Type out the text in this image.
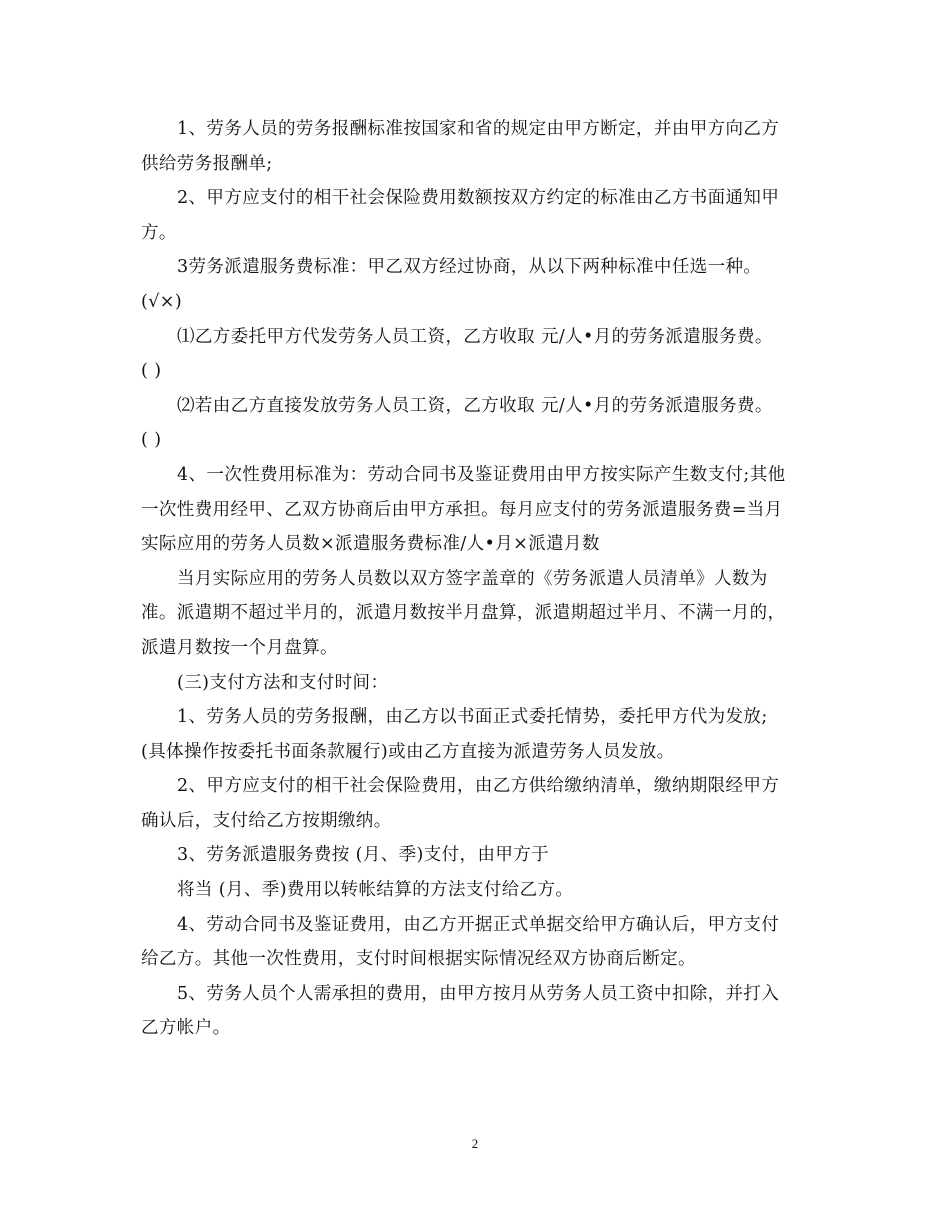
1、劳务人员的劳务报酬标准按国家和省的规定由甲方断定，并由甲方向乙方
供给劳务报酬单;

2、甲方应支付的相干社会保险费用数额按双方约定的标准由乙方书面通知甲
方。

3劳务派遣服务费标准：甲乙双方经过协商，从以下两种标准中任选一种。
(√×)

⑴乙方委托甲方代发劳务人员工资，乙方收取 元/人•月的劳务派遣服务费。
( )

⑵若由乙方直接发放劳务人员工资，乙方收取 元/人•月的劳务派遣服务费。
( )

4、一次性费用标准为：劳动合同书及鉴证费用由甲方按实际产生数支付;其他
一次性费用经甲、乙双方协商后由甲方承担。每月应支付的劳务派遣服务费=当月
实际应用的劳务人员数×派遣服务费标准/人•月×派遣月数

当月实际应用的劳务人员数以双方签字盖章的《劳务派遣人员清单》人数为
准。派遣期不超过半月的，派遣月数按半月盘算，派遣期超过半月、不满一月的，
派遣月数按一个月盘算。

(三)支付方法和支付时间：

1、劳务人员的劳务报酬，由乙方以书面正式委托情势，委托甲方代为发放;
(具体操作按委托书面条款履行)或由乙方直接为派遣劳务人员发放。

2、甲方应支付的相干社会保险费用，由乙方供给缴纳清单，缴纳期限经甲方
确认后，支付给乙方按期缴纳。

3、劳务派遣服务费按 (月、季)支付，由甲方于

将当 (月、季)费用以转帐结算的方法支付给乙方。

4、劳动合同书及鉴证费用，由乙方开据正式单据交给甲方确认后，甲方支付
给乙方。其他一次性费用，支付时间根据实际情况经双方协商后断定。

5、劳务人员个人需承担的费用，由甲方按月从劳务人员工资中扣除，并打入
乙方帐户。

2
